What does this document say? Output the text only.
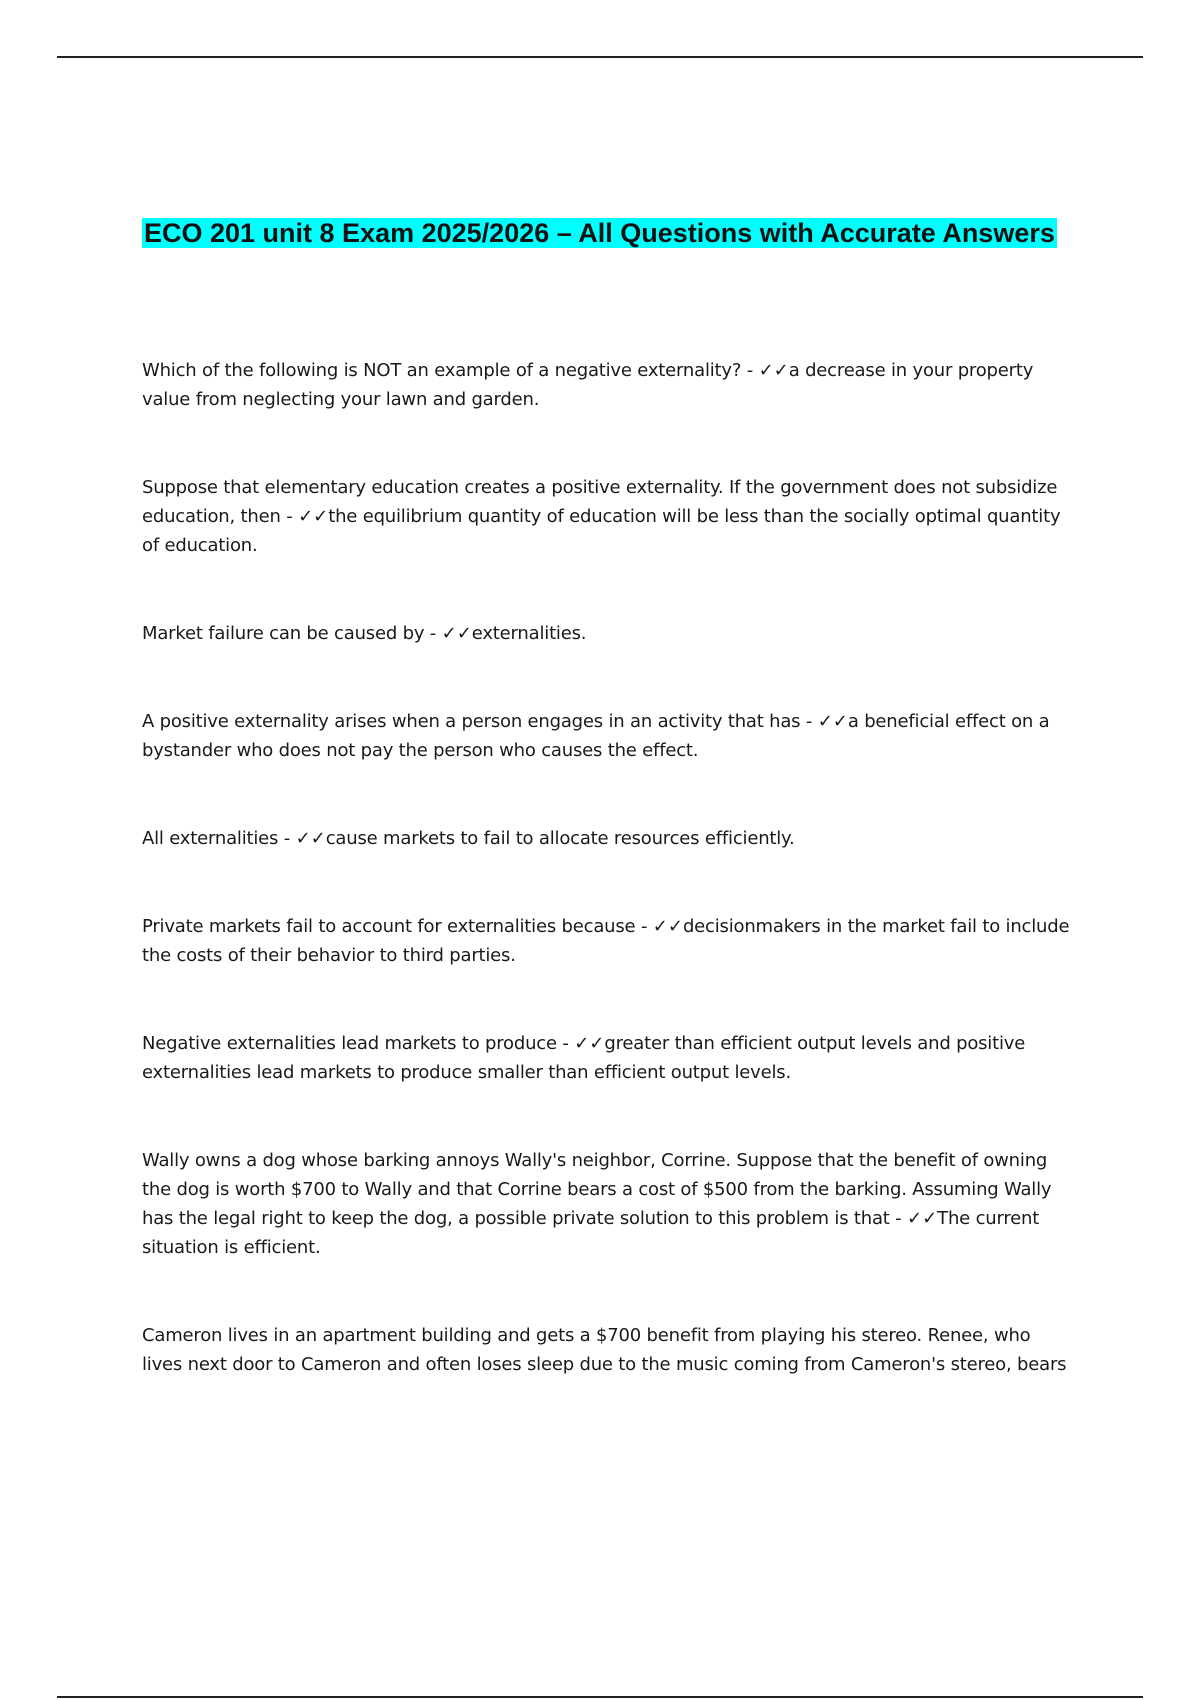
ECO 201 unit 8 Exam 2025/2026 – All Questions with Accurate Answers

Which of the following is NOT an example of a negative externality? - ✓✓a decrease in your property value from neglecting your lawn and garden.

Suppose that elementary education creates a positive externality. If the government does not subsidize education, then - ✓✓the equilibrium quantity of education will be less than the socially optimal quantity of education.

Market failure can be caused by - ✓✓externalities.

A positive externality arises when a person engages in an activity that has - ✓✓a beneficial effect on a bystander who does not pay the person who causes the effect.

All externalities - ✓✓cause markets to fail to allocate resources efficiently.

Private markets fail to account for externalities because - ✓✓decisionmakers in the market fail to include the costs of their behavior to third parties.

Negative externalities lead markets to produce - ✓✓greater than efficient output levels and positive externalities lead markets to produce smaller than efficient output levels.

Wally owns a dog whose barking annoys Wally's neighbor, Corrine. Suppose that the benefit of owning the dog is worth $700 to Wally and that Corrine bears a cost of $500 from the barking. Assuming Wally has the legal right to keep the dog, a possible private solution to this problem is that - ✓✓The current situation is efficient.

Cameron lives in an apartment building and gets a $700 benefit from playing his stereo. Renee, who lives next door to Cameron and often loses sleep due to the music coming from Cameron's stereo, bears
